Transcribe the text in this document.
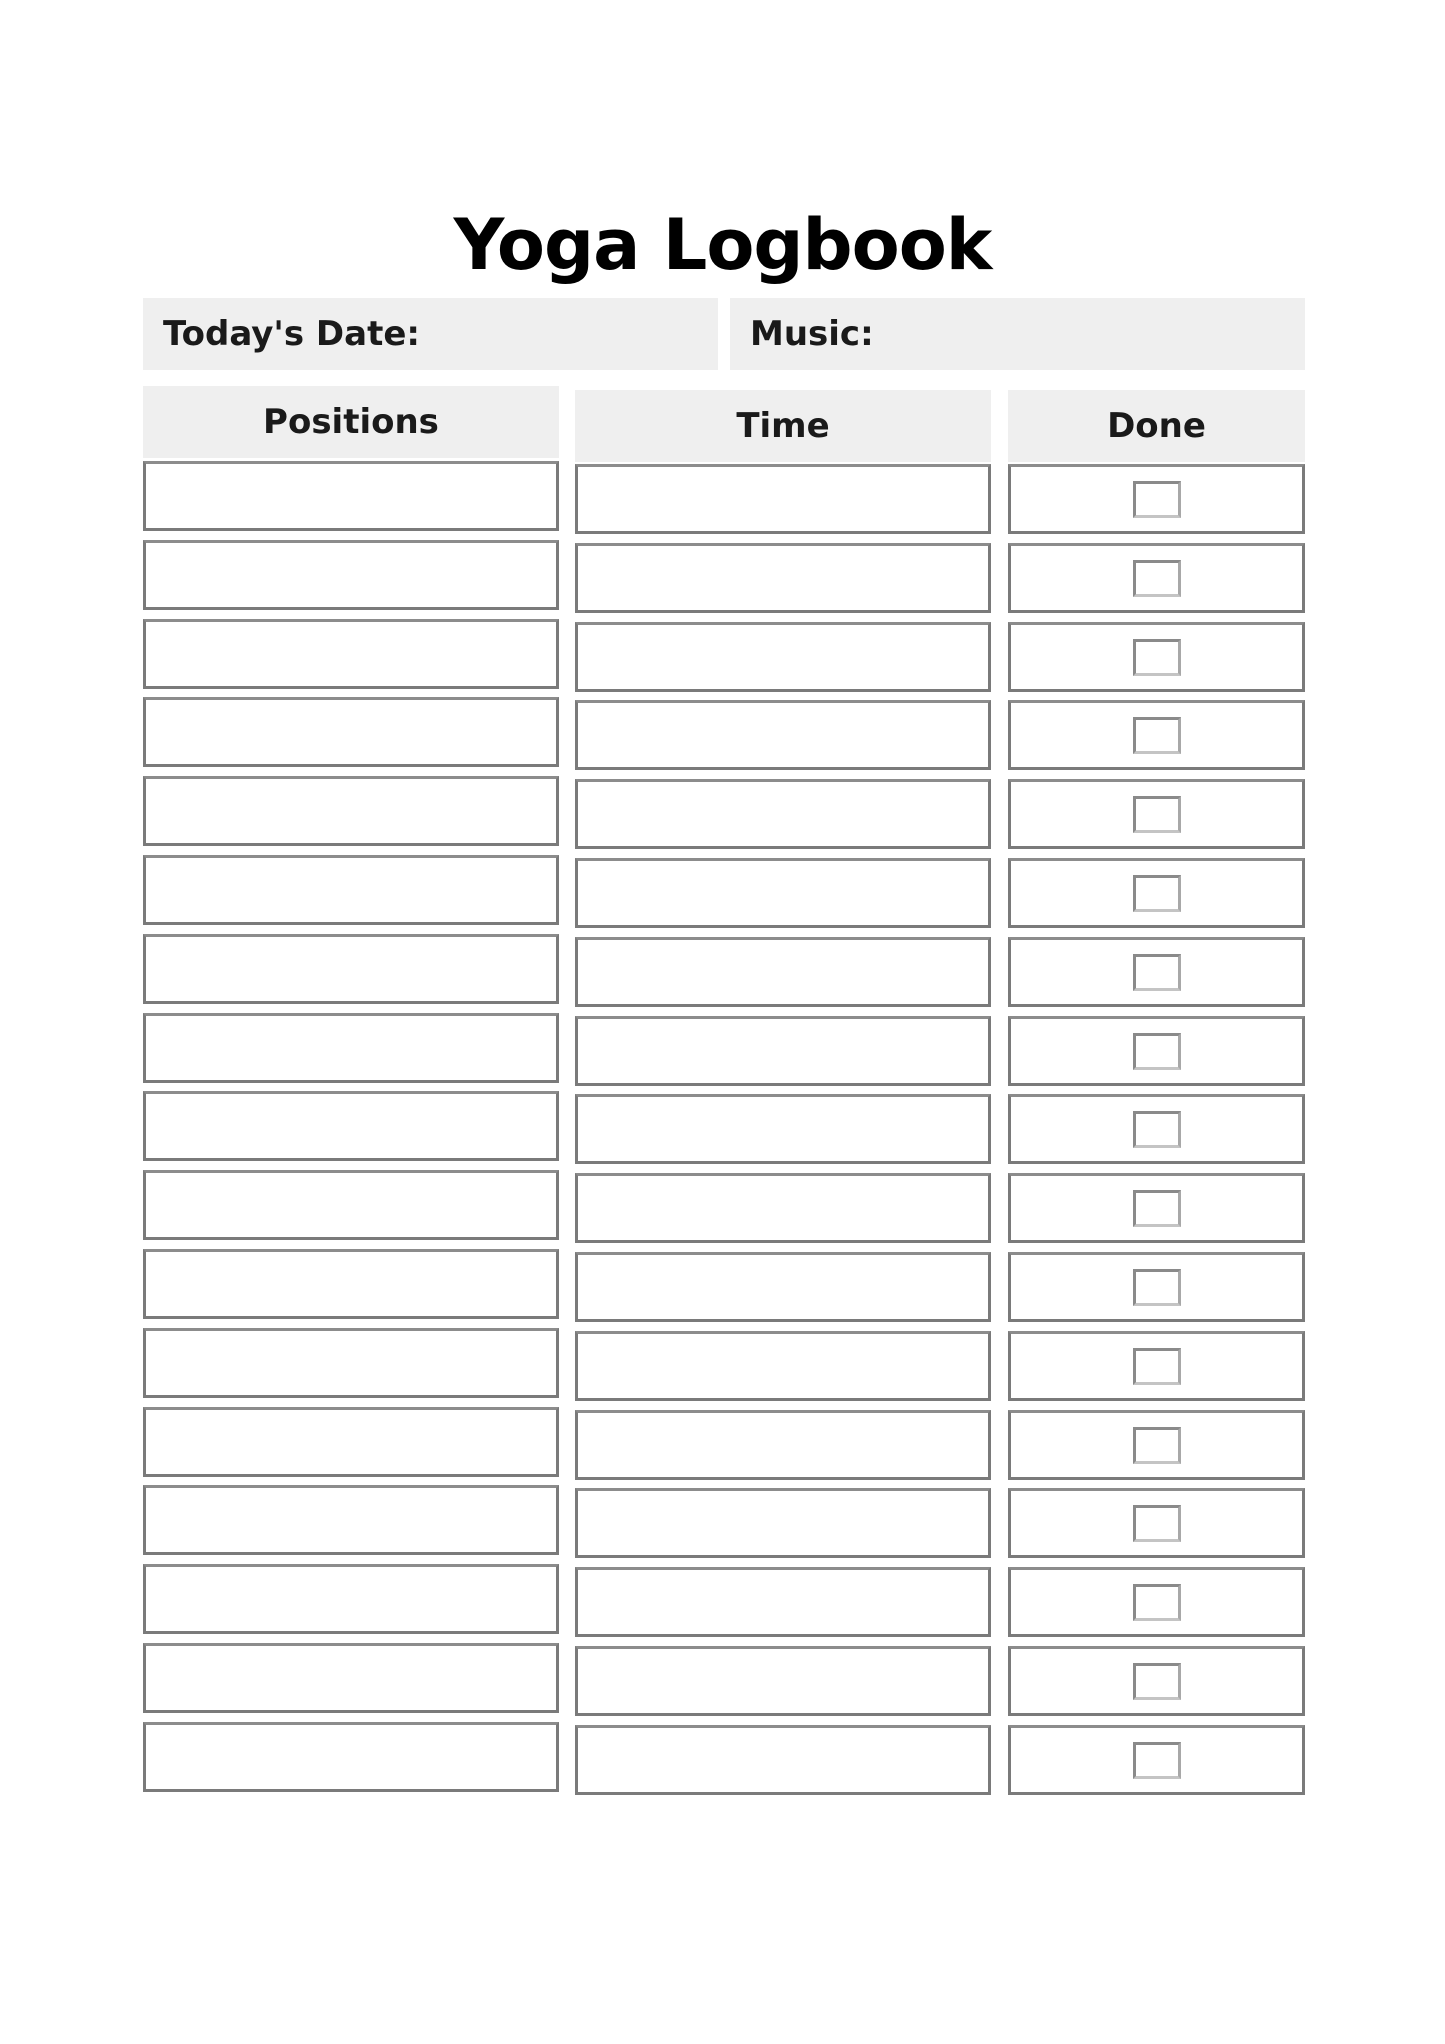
Yoga Logbook
Today's Date:	Music:
Positions	Time	Done
